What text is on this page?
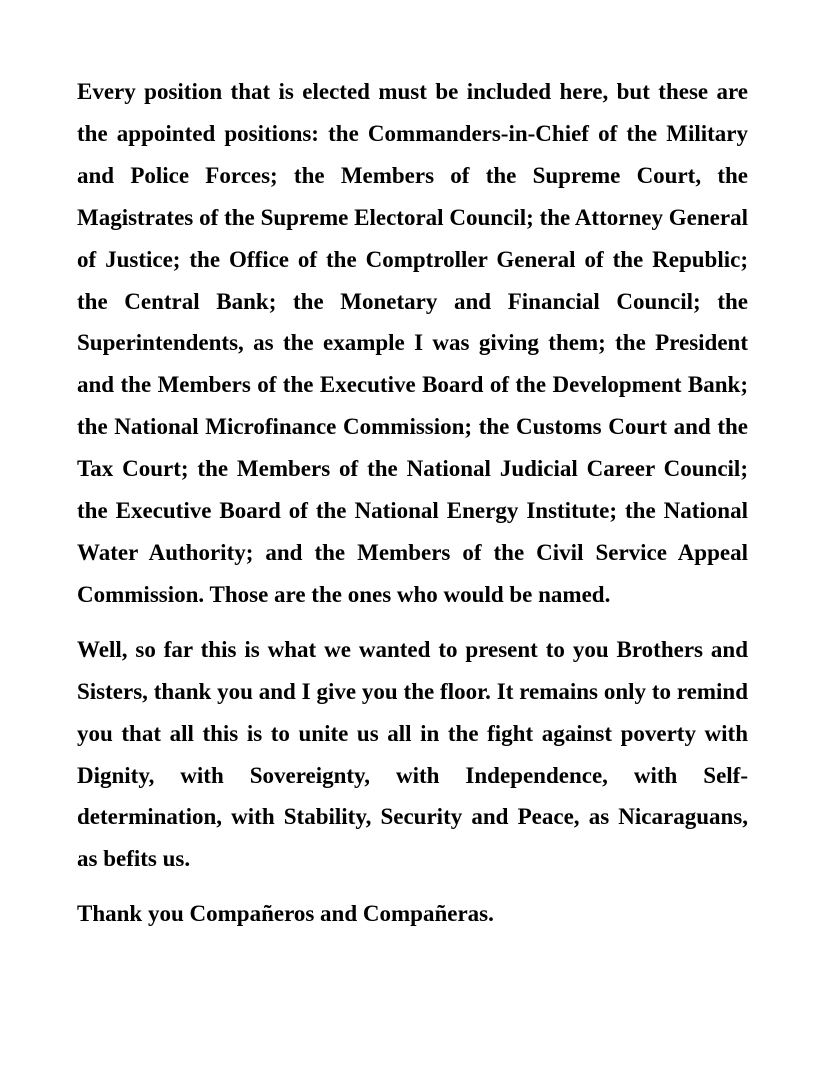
Every position that is elected must be included here, but these are the appointed positions: the Commanders-in-Chief of the Military and Police Forces; the Members of the Supreme Court, the Magistrates of the Supreme Electoral Council; the Attorney General of Justice; the Office of the Comptroller General of the Republic; the Central Bank; the Monetary and Financial Council; the Superintendents, as the example I was giving them; the President and the Members of the Executive Board of the Development Bank; the National Microfinance Commission; the Customs Court and the Tax Court; the Members of the National Judicial Career Council; the Executive Board of the National Energy Institute; the National Water Authority; and the Members of the Civil Service Appeal Commission. Those are the ones who would be named.

Well, so far this is what we wanted to present to you Brothers and Sisters, thank you and I give you the floor. It remains only to remind you that all this is to unite us all in the fight against poverty with Dignity, with Sovereignty, with Independence, with Self-determination, with Stability, Security and Peace, as Nicaraguans, as befits us.

Thank you Compañeros and Compañeras.
